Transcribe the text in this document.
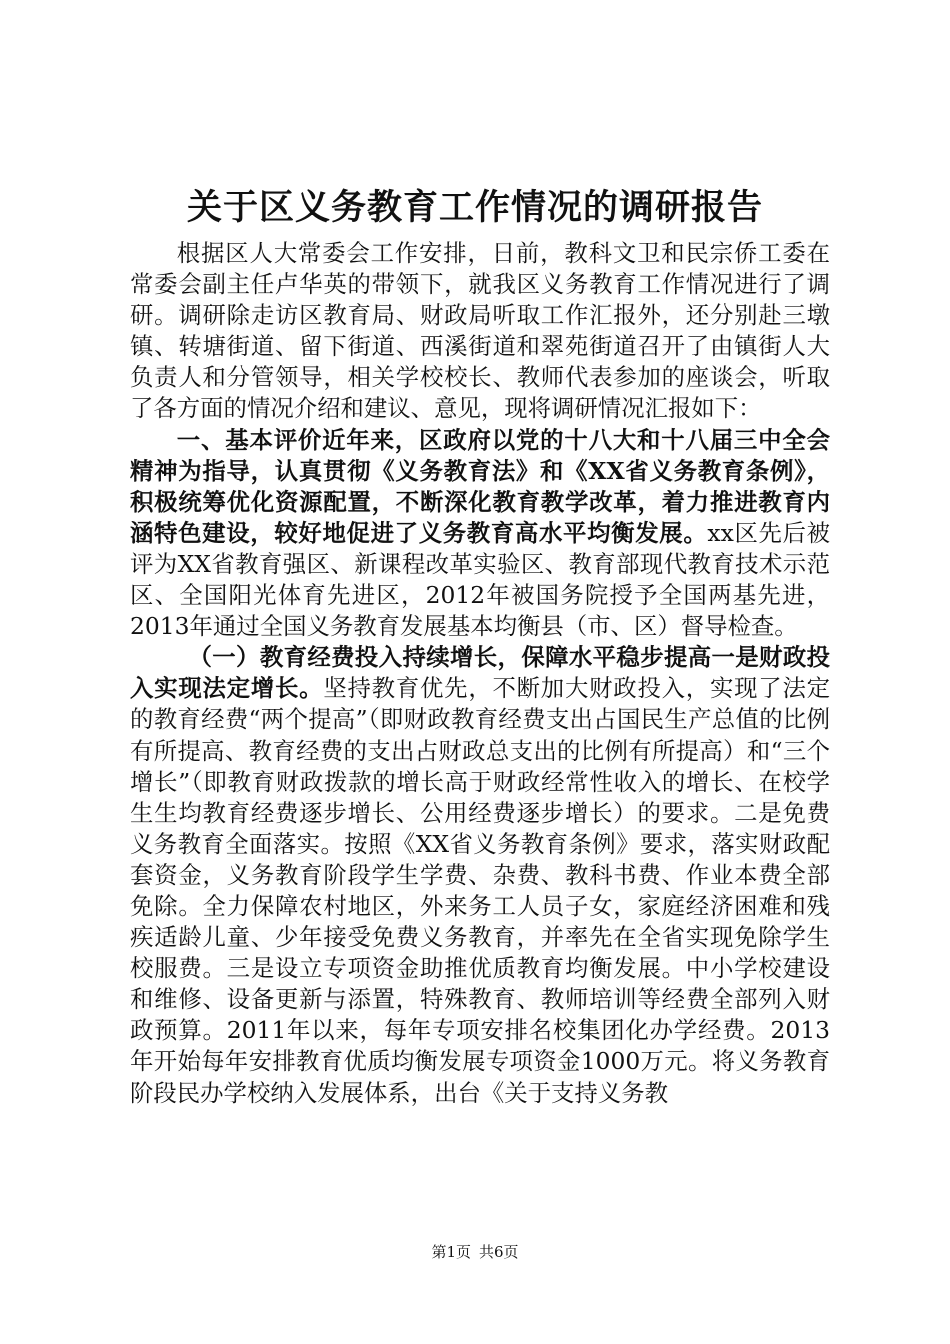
关于区义务教育工作情况的调研报告

根据区人大常委会工作安排，日前，教科文卫和民宗侨工委在常委会副主任卢华英的带领下，就我区义务教育工作情况进行了调研。调研除走访区教育局、财政局听取工作汇报外，还分别赴三墩镇、转塘街道、留下街道、西溪街道和翠苑街道召开了由镇街人大负责人和分管领导，相关学校校长、教师代表参加的座谈会，听取了各方面的情况介绍和建议、意见，现将调研情况汇报如下：

一、基本评价近年来，区政府以党的十八大和十八届三中全会精神为指导，认真贯彻《义务教育法》和《XX省义务教育条例》，积极统筹优化资源配置，不断深化教育教学改革，着力推进教育内涵特色建设，较好地促进了义务教育高水平均衡发展。xx区先后被评为XX省教育强区、新课程改革实验区、教育部现代教育技术示范区、全国阳光体育先进区，2012年被国务院授予全国两基先进，2013年通过全国义务教育发展基本均衡县（市、区）督导检查。

（一）教育经费投入持续增长，保障水平稳步提高一是财政投入实现法定增长。坚持教育优先，不断加大财政投入，实现了法定的教育经费“两个提高”（即财政教育经费支出占国民生产总值的比例有所提高、教育经费的支出占财政总支出的比例有所提高）和“三个增长”（即教育财政拨款的增长高于财政经常性收入的增长、在校学生生均教育经费逐步增长、公用经费逐步增长）的要求。二是免费义务教育全面落实。按照《XX省义务教育条例》要求，落实财政配套资金，义务教育阶段学生学费、杂费、教科书费、作业本费全部免除。全力保障农村地区，外来务工人员子女，家庭经济困难和残疾适龄儿童、少年接受免费义务教育，并率先在全省实现免除学生校服费。三是设立专项资金助推优质教育均衡发展。中小学校建设和维修、设备更新与添置，特殊教育、教师培训等经费全部列入财政预算。2011年以来，每年专项安排名校集团化办学经费。2013年开始每年安排教育优质均衡发展专项资金1000万元。将义务教育阶段民办学校纳入发展体系，出台《关于支持义务教

第1页 共6页
